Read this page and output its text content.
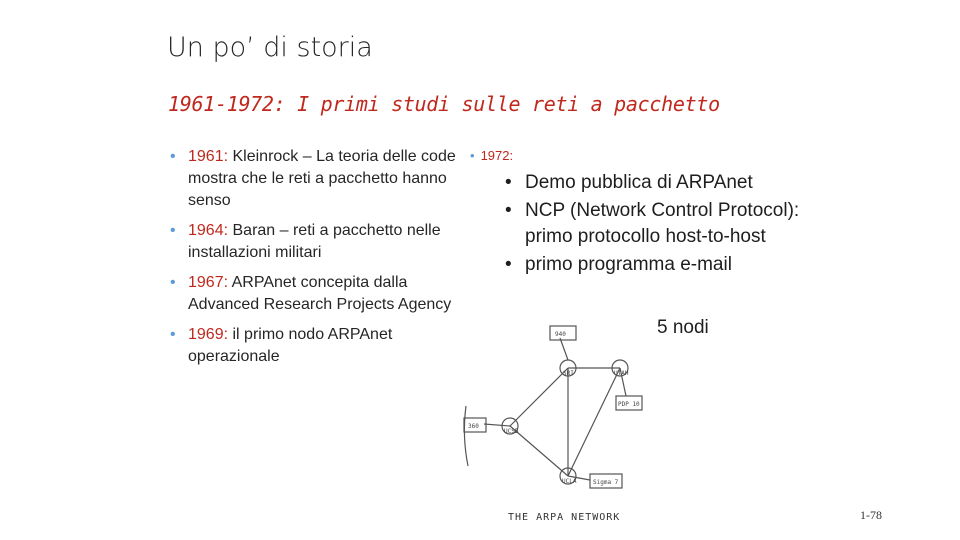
Un po’ di storia
1961-1972: I primi studi sulle reti a pacchetto
• 1961: Kleinrock – La teoria delle code mostra che le reti a pacchetto hanno senso
• 1964: Baran – reti a pacchetto nelle installazioni militari
• 1967: ARPAnet concepita dalla Advanced Research Projects Agency
• 1969: il primo nodo ARPAnet operazionale
• 1972:
SRI	UTAH
UCSB
UCLA
940
PDP 10
360
Sigma 7
• Demo pubblica di ARPAnet
• NCP (Network Control Protocol): primo protocollo host-to-host
• primo programma e-mail
5 nodi
THE ARPA NETWORK	1-78
